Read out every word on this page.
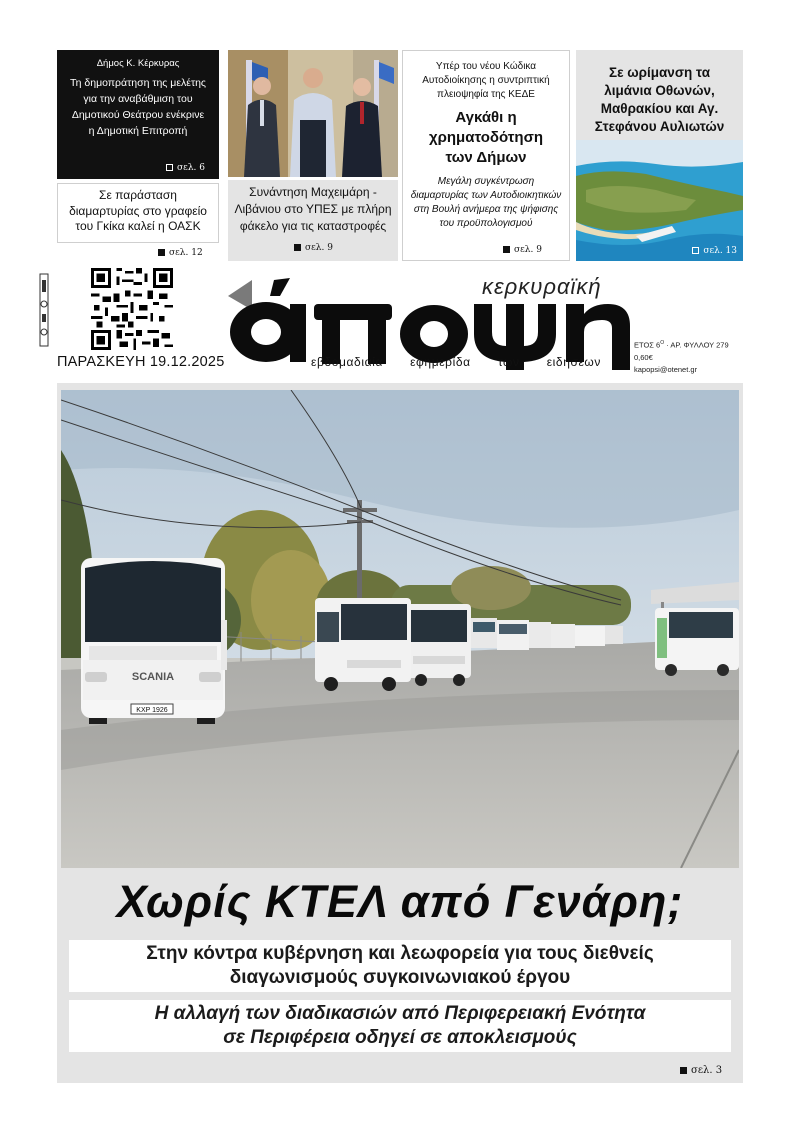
Δήμος Κ. Κέρκυρας
Τη δημοπράτηση της μελέτης
για την αναβάθμιση του
Δημοτικού Θεάτρου ενέκρινε
η Δημοτική Επιτροπή
σελ. 6
Σε παράσταση
διαμαρτυρίας στο γραφείο
του Γκίκα καλεί η ΟΑΣΚ
σελ. 12
Συνάντηση Μαχειμάρη -
Λιβάνιου στο ΥΠΕΣ με πλήρη
φάκελο για τις καταστροφές
σελ. 9
Υπέρ του νέου Κώδικα
Αυτοδιοίκησης η συντριπτική
πλειοψηφία της ΚΕΔΕ
Αγκάθι η
χρηματοδότηση
των Δήμων
Μεγάλη συγκέντρωση
διαμαρτυρίας των Αυτοδιοικητικών
στη Βουλή ανήμερα της ψήφισης
του προϋπολογισμού
σελ. 9
Σε ωρίμανση τα
λιμάνια Οθωνών,
Μαθρακίου και Αγ.
Στεφάνου Αυλιωτών
σελ. 13
ΠΑΡΑΣΚΕΥΗ 19.12.2025
κερκυραϊκή
εβδομαδιαία εφημερίδα των ειδήσεων
ΕΤΟΣ $6^O \cdot AP$. ΦΥΛΛΟΥ 279
0,60€
kapopsi@otenet.gr
ΚΧΡ 1926
SCANIA
Χωρίς ΚΤΕΛ από Γενάρη;
Στην κόντρα κυβέρνηση και λεωφορεία για τους διεθνείς
διαγωνισμούς συγκοινωνιακού έργου
Η αλλαγή των διαδικασιών από Περιφερειακή Ενότητα
σε Περιφέρεια οδηγεί σε αποκλεισμούς
σελ. 3
